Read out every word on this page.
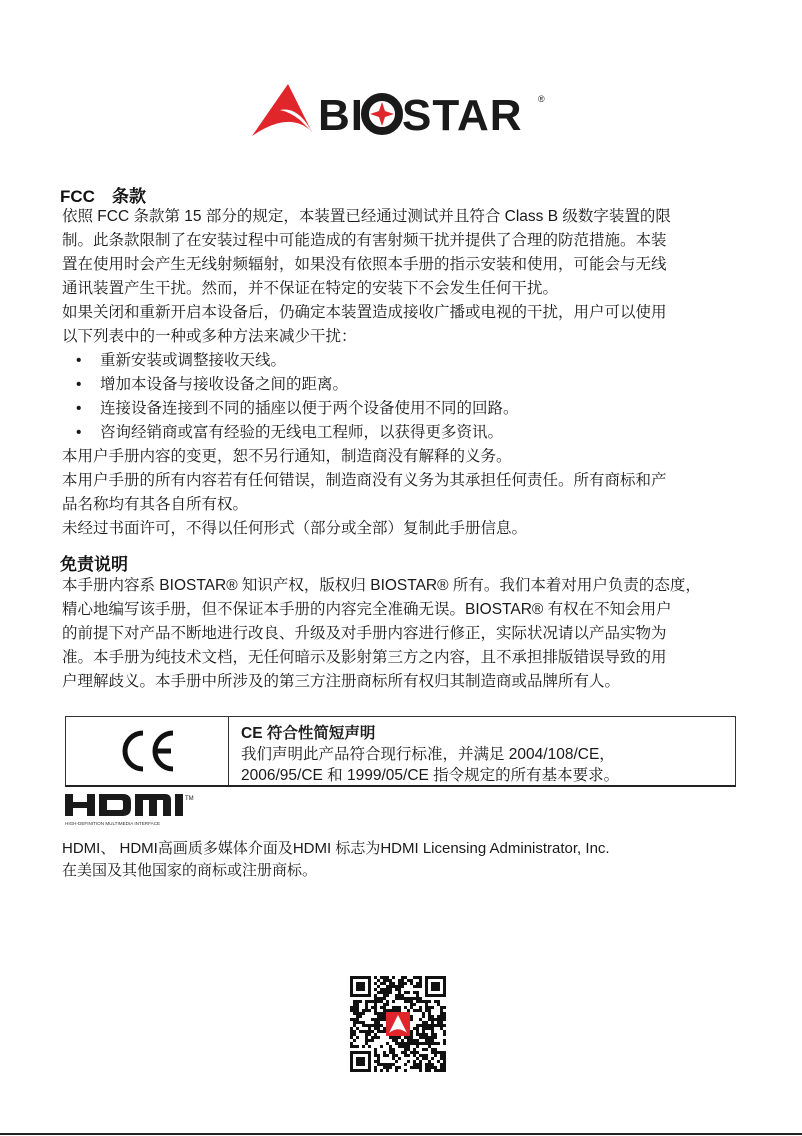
BI STAR ®
FCC　条款
依照 FCC 条款第 15 部分的规定，本装置已经通过测试并且符合 Class B 级数字装置的限
制。此条款限制了在安装过程中可能造成的有害射频干扰并提供了合理的防范措施。本装
置在使用时会产生无线射频辐射，如果没有依照本手册的指示安装和使用，可能会与无线
通讯装置产生干扰。然而，并不保证在特定的安装下不会发生任何干扰。
如果关闭和重新开启本设备后，仍确定本装置造成接收广播或电视的干扰，用户可以使用
以下列表中的一种或多种方法来减少干扰：
• 重新安装或调整接收天线。
• 增加本设备与接收设备之间的距离。
• 连接设备连接到不同的插座以便于两个设备使用不同的回路。
• 咨询经销商或富有经验的无线电工程师，以获得更多资讯。
本用户手册内容的变更，恕不另行通知，制造商没有解释的义务。
本用户手册的所有内容若有任何错误，制造商没有义务为其承担任何责任。所有商标和产
品名称均有其各自所有权。
未经过书面许可，不得以任何形式（部分或全部）复制此手册信息。
免责说明
本手册内容系 BIOSTAR® 知识产权，版权归 BIOSTAR® 所有。我们本着对用户负责的态度，
精心地编写该手册，但不保证本手册的内容完全准确无误。BIOSTAR® 有权在不知会用户
的前提下对产品不断地进行改良、升级及对手册内容进行修正，实际状况请以产品实物为
准。本手册为纯技术文档，无任何暗示及影射第三方之内容，且不承担排版错误导致的用
户理解歧义。本手册中所涉及的第三方注册商标所有权归其制造商或品牌所有人。
CE 符合性简短声明
我们声明此产品符合现行标准，并满足 2004/108/CE，
2006/95/CE 和 1999/05/CE 指令规定的所有基本要求。
TM
HIGH-DEFINITION MULTIMEDIA INTERFACE
HDMI、 HDMI高画质多媒体介面及HDMI 标志为HDMI Licensing Administrator, Inc.
在美国及其他国家的商标或注册商标。
